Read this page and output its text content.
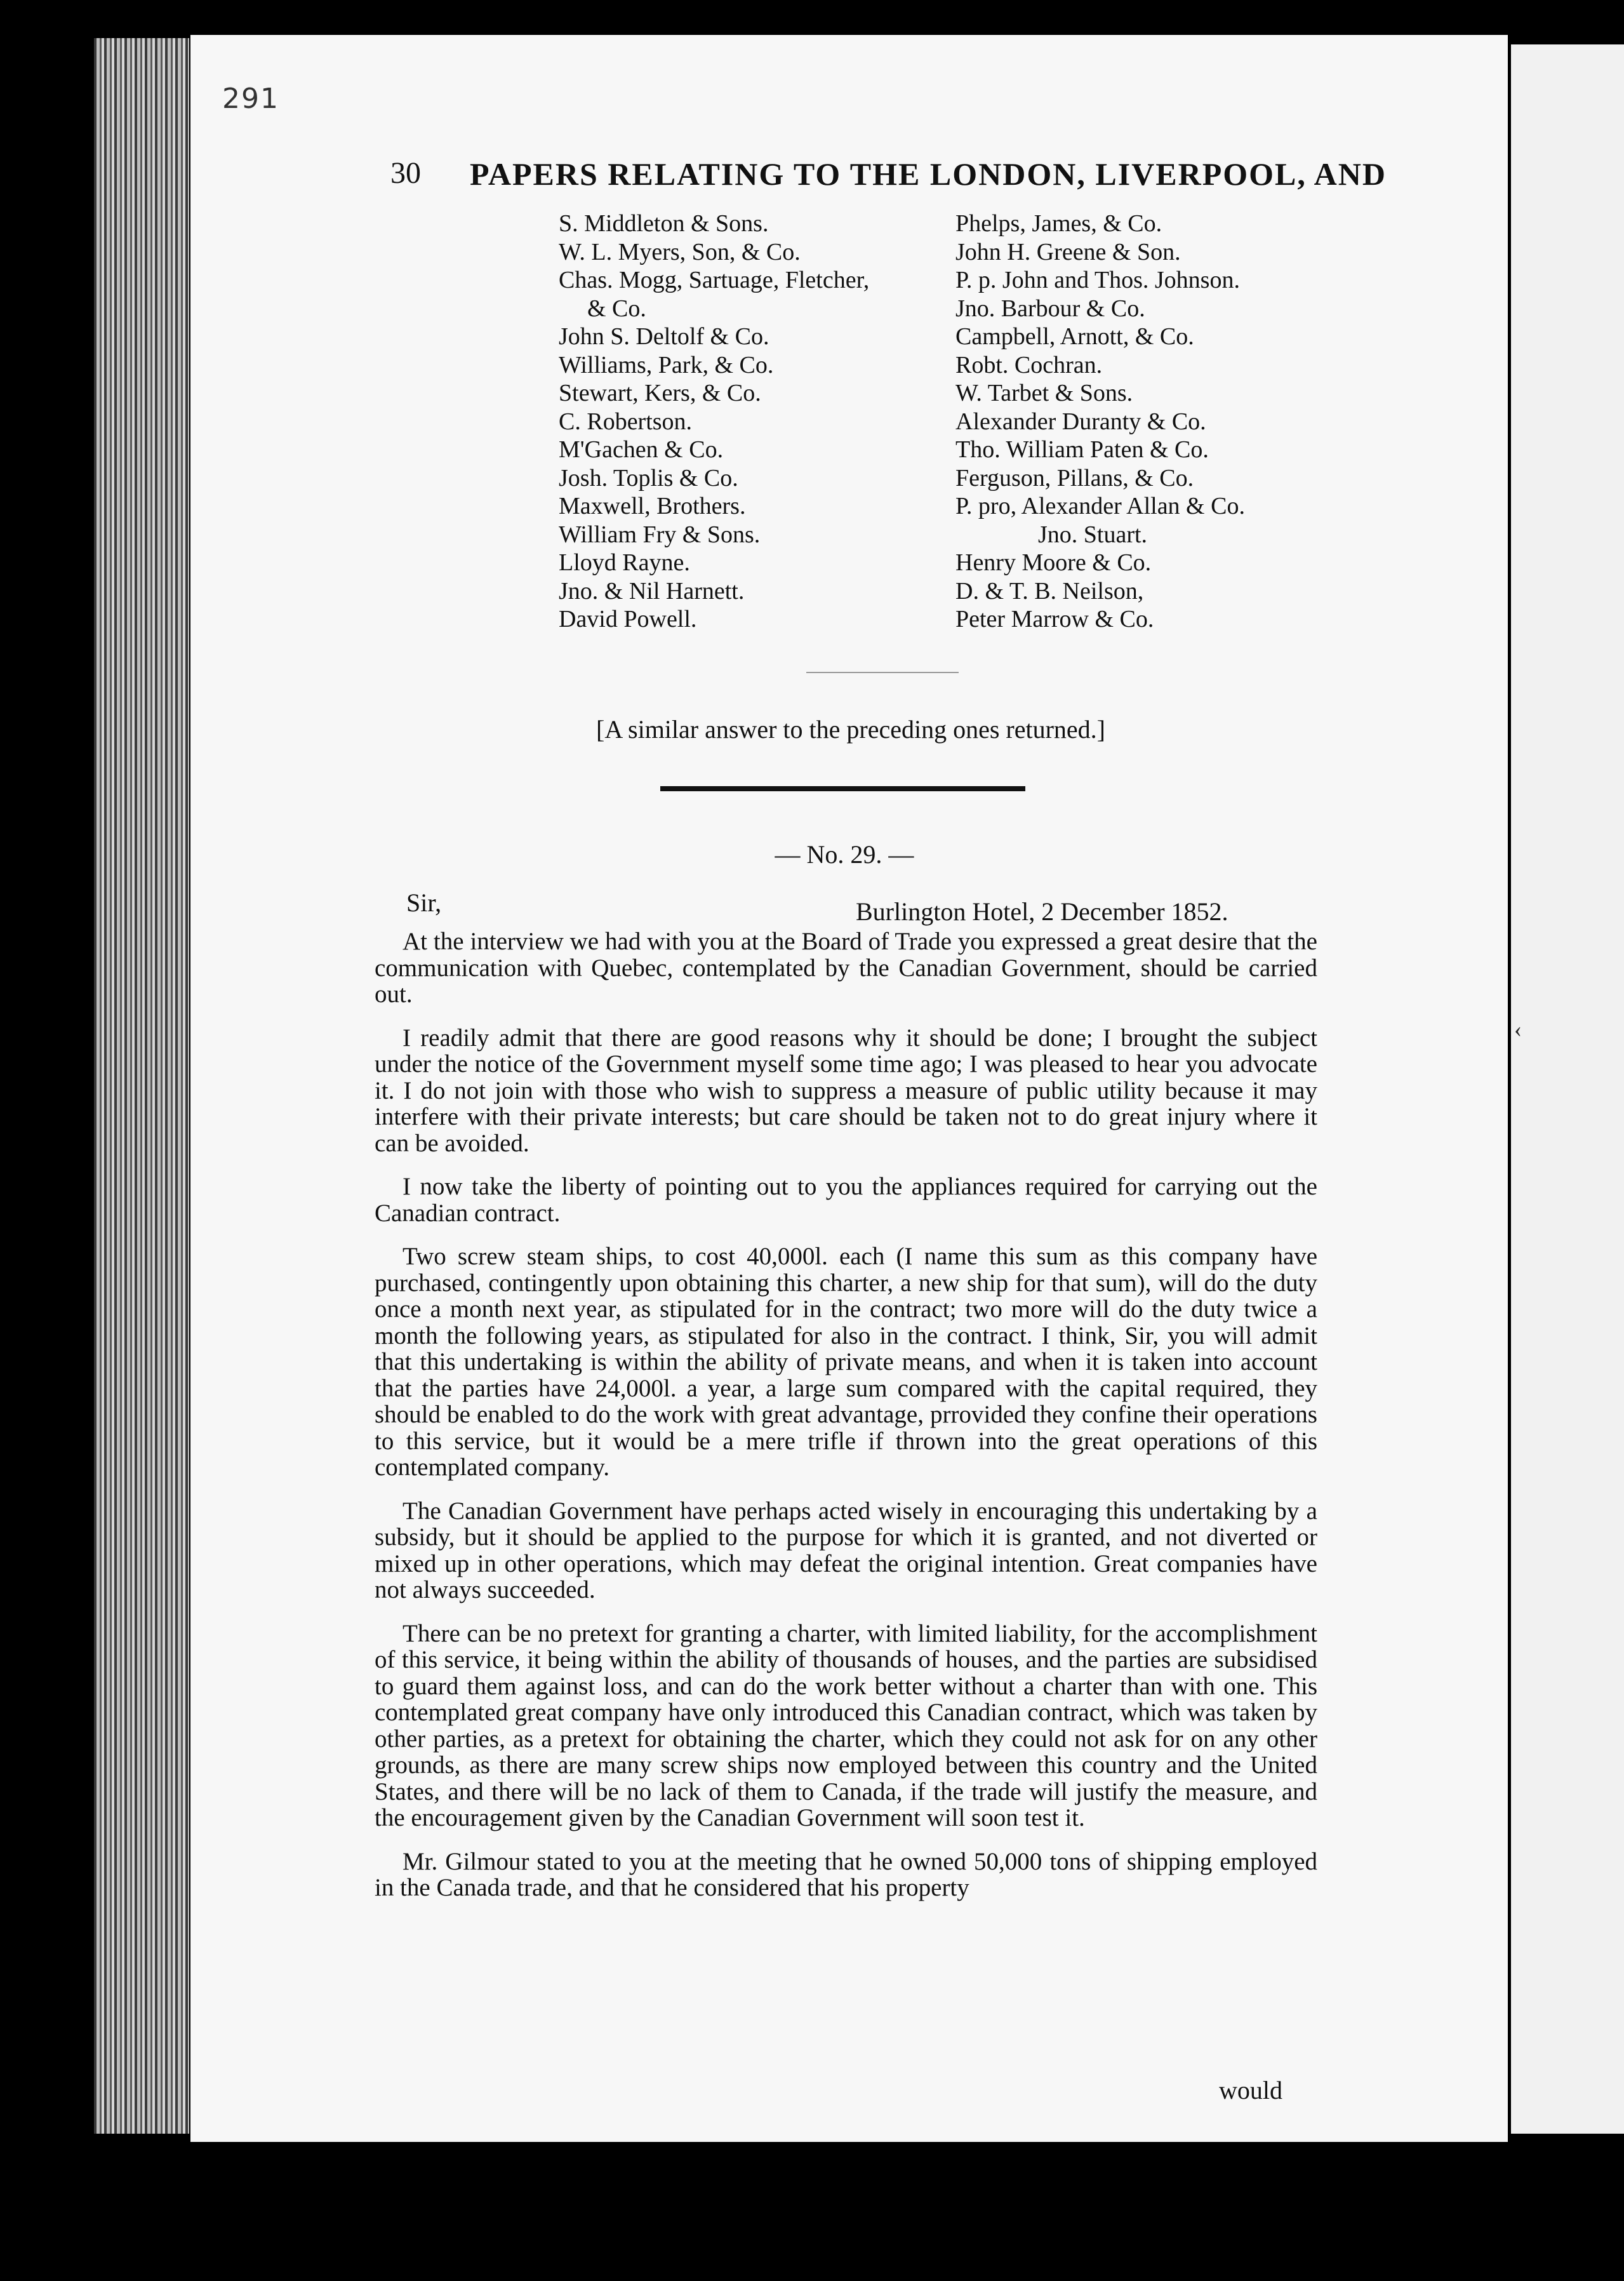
‹
291
30 PAPERS RELATING TO THE LONDON, LIVERPOOL, AND
S. Middleton & Sons.
W. L. Myers, Son, & Co.
Chas. Mogg, Sartuage, Fletcher,
& Co.
John S. Deltolf & Co.
Williams, Park, & Co.
Stewart, Kers, & Co.
C. Robertson.
M'Gachen & Co.
Josh. Toplis & Co.
Maxwell, Brothers.
William Fry & Sons.
Lloyd Rayne.
Jno. & Nil Harnett.
David Powell.
Phelps, James, & Co.
John H. Greene & Son.
P. p. John and Thos. Johnson.
Jno. Barbour & Co.
Campbell, Arnott, & Co.
Robt. Cochran.
W. Tarbet & Sons.
Alexander Duranty & Co.
Tho. William Paten & Co.
Ferguson, Pillans, & Co.
P. pro, Alexander Allan & Co.
Jno. Stuart.
Henry Moore & Co.
D. & T. B. Neilson,
Peter Marrow & Co.
[A similar answer to the preceding ones returned.]
— No. 29. —
Sir,	Burlington Hotel, 2 December 1852.

At the interview we had with you at the Board of Trade you expressed a great desire that the communication with Quebec, contemplated by the Canadian Government, should be carried out.

I readily admit that there are good reasons why it should be done; I brought the subject under the notice of the Government myself some time ago; I was pleased to hear you advocate it. I do not join with those who wish to suppress a measure of public utility because it may interfere with their private interests; but care should be taken not to do great injury where it can be avoided.

I now take the liberty of pointing out to you the appliances required for carrying out the Canadian contract.

Two screw steam ships, to cost 40,000l. each (I name this sum as this company have purchased, contingently upon obtaining this charter, a new ship for that sum), will do the duty once a month next year, as stipulated for in the contract; two more will do the duty twice a month the following years, as stipulated for also in the contract. I think, Sir, you will admit that this undertaking is within the ability of private means, and when it is taken into account that the parties have 24,000l. a year, a large sum compared with the capital required, they should be enabled to do the work with great advantage, prrovided they confine their operations to this service, but it would be a mere trifle if thrown into the great operations of this contemplated company.

The Canadian Government have perhaps acted wisely in encouraging this undertaking by a subsidy, but it should be applied to the purpose for which it is granted, and not diverted or mixed up in other operations, which may defeat the original intention. Great companies have not always succeeded.

There can be no pretext for granting a charter, with limited liability, for the accomplishment of this service, it being within the ability of thousands of houses, and the parties are subsidised to guard them against loss, and can do the work better without a charter than with one. This contemplated great company have only introduced this Canadian contract, which was taken by other parties, as a pretext for obtaining the charter, which they could not ask for on any other grounds, as there are many screw ships now employed between this country and the United States, and there will be no lack of them to Canada, if the trade will justify the measure, and the encouragement given by the Canadian Government will soon test it.

Mr. Gilmour stated to you at the meeting that he owned 50,000 tons of shipping employed in the Canada trade, and that he considered that his property

would
